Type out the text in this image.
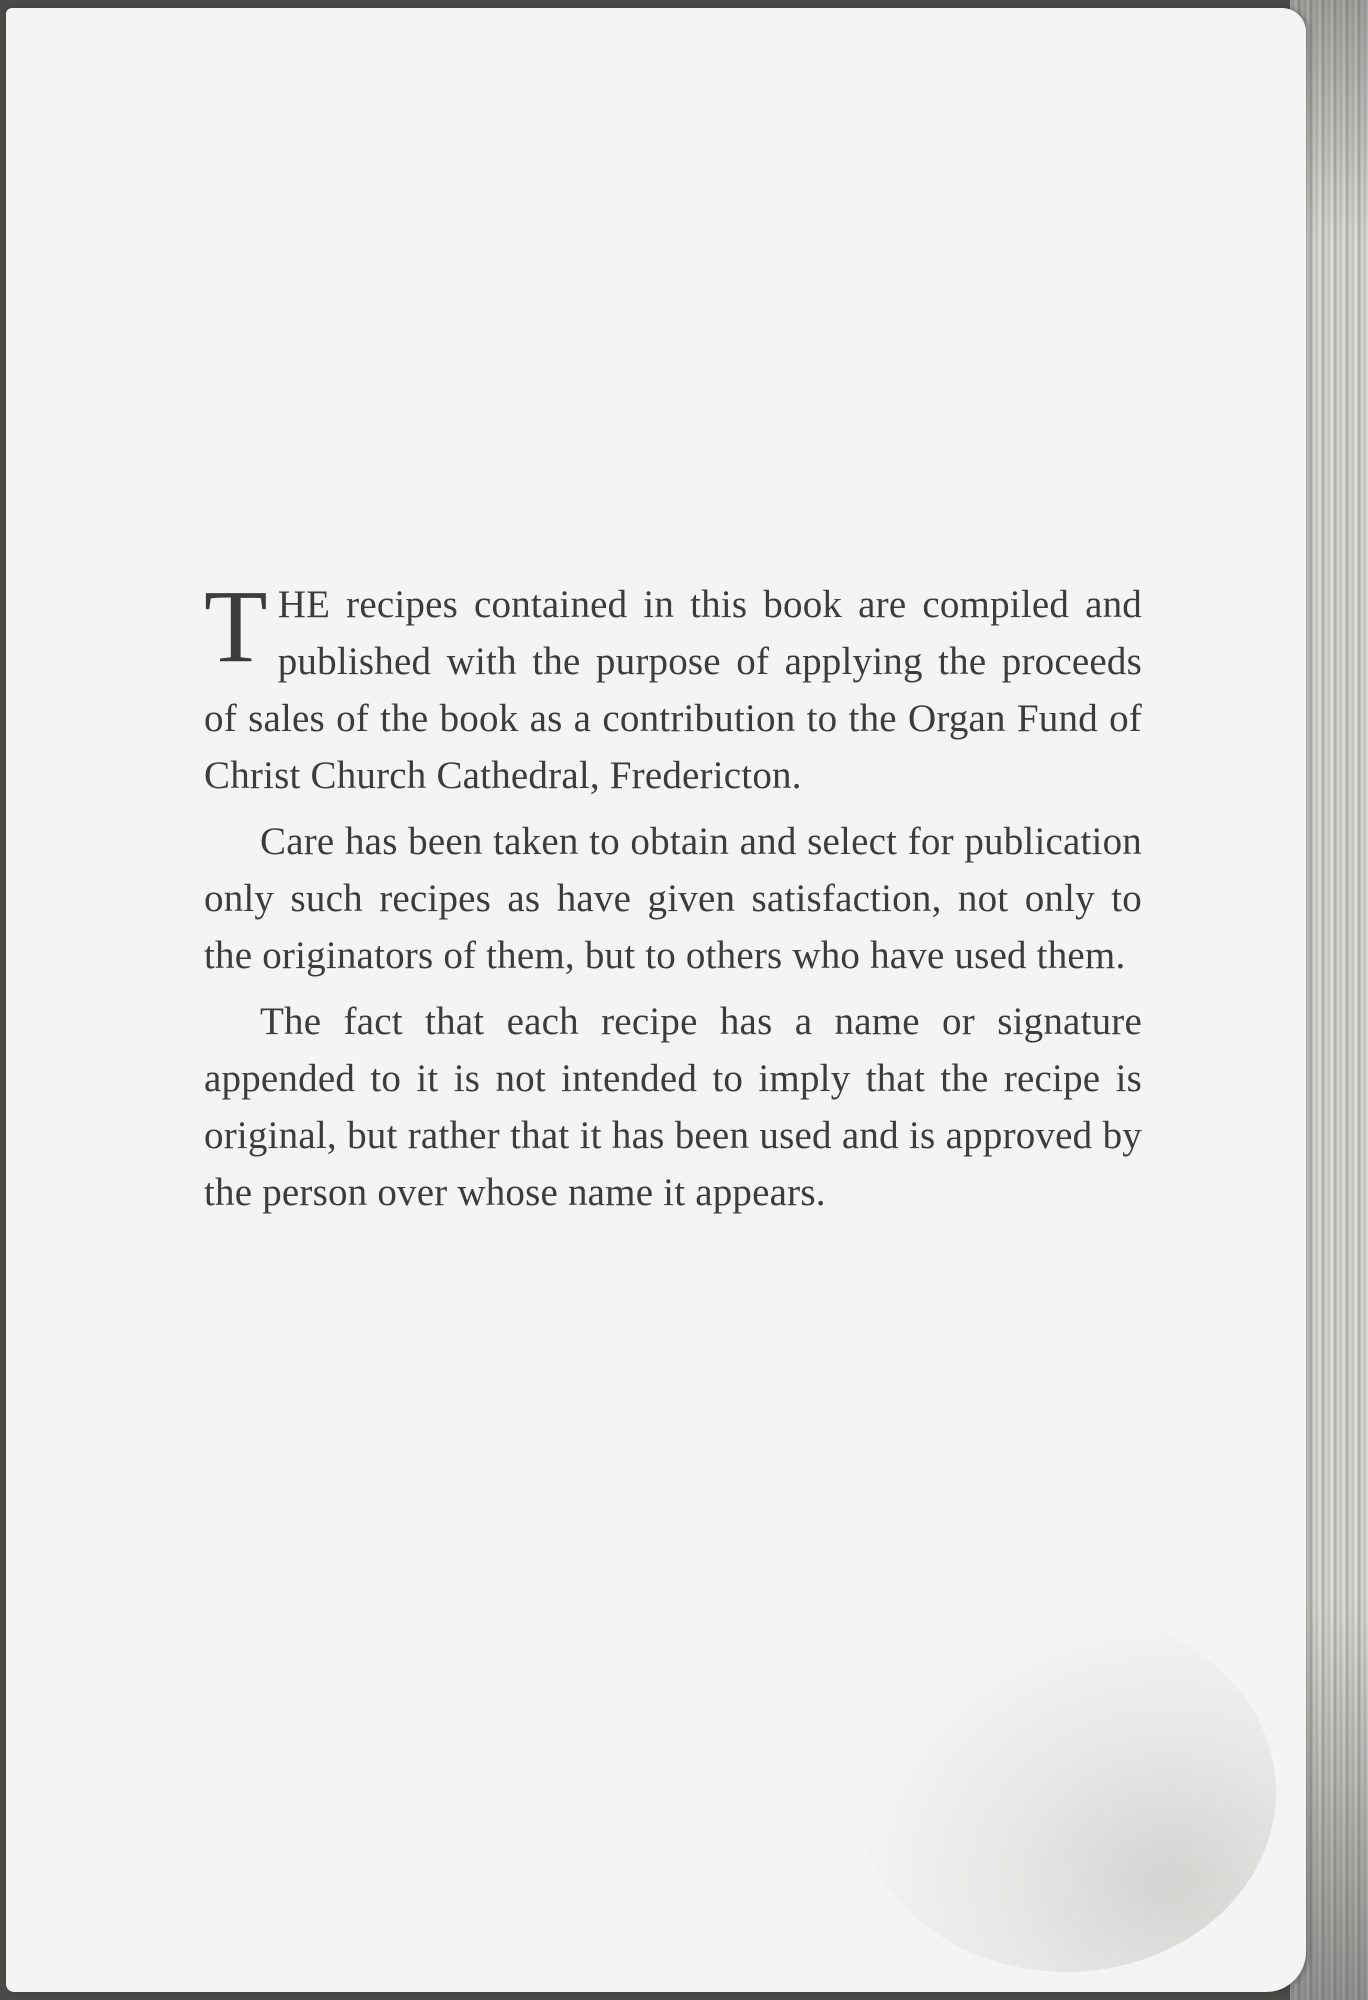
THE recipes contained in this book are compiled and published with the purpose of applying the proceeds of sales of the book as a contribution to the Organ Fund of Christ Church Cathedral, Fredericton.

Care has been taken to obtain and select for publication only such recipes as have given satisfaction, not only to the originators of them, but to others who have used them.

The fact that each recipe has a name or signature appended to it is not intended to imply that the recipe is original, but rather that it has been used and is approved by the person over whose name it appears.
